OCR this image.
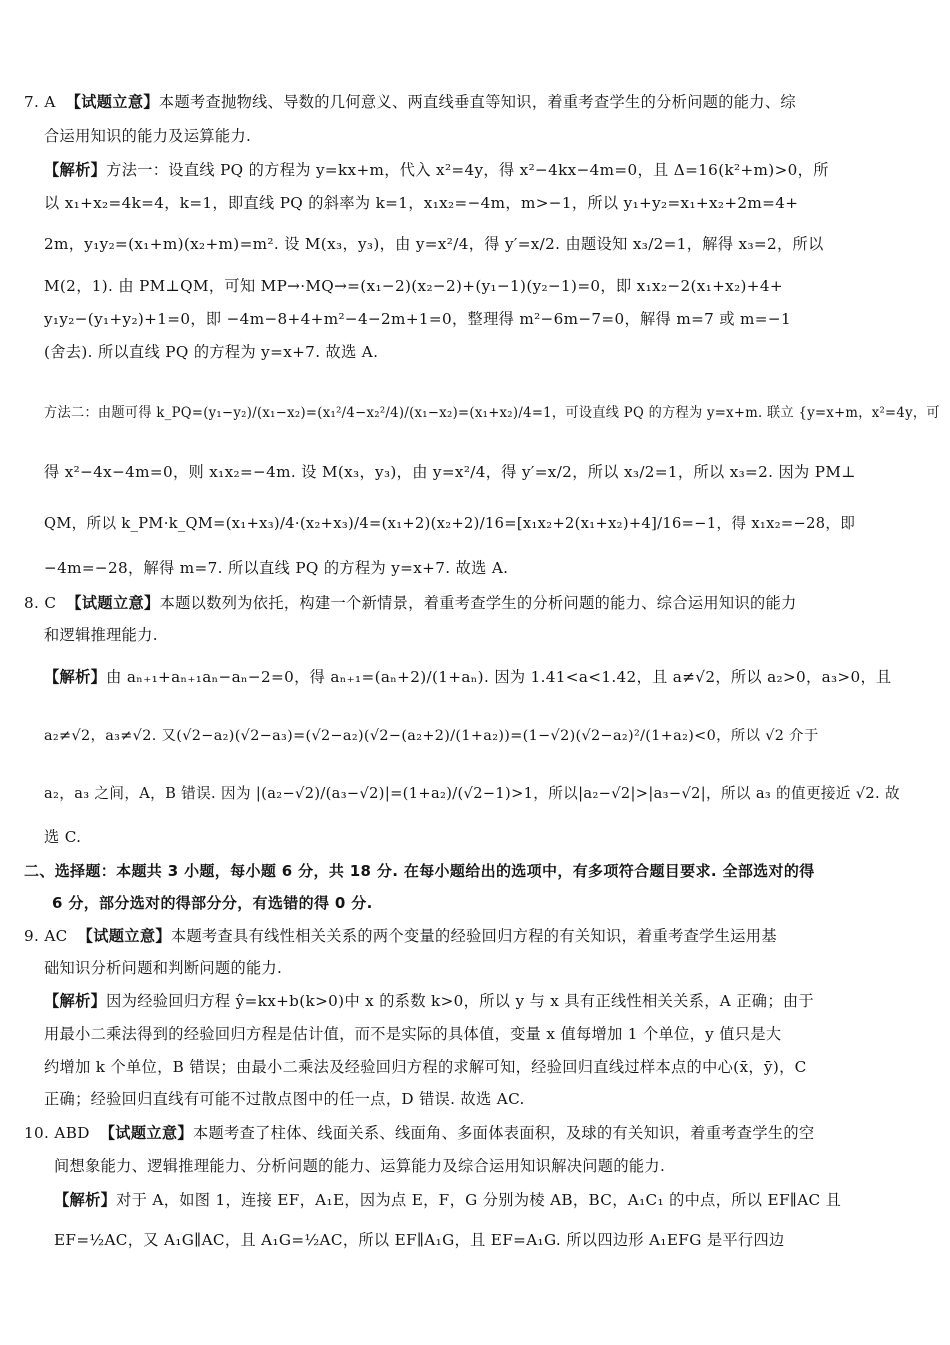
7. A 【试题立意】本题考查抛物线、导数的几何意义、两直线垂直等知识，着重考查学生的分析问题的能力、综
合运用知识的能力及运算能力.
【解析】方法一：设直线 PQ 的方程为 y=kx+m，代入 x²=4y，得 x²−4kx−4m=0，且 Δ=16(k²+m)>0，所
以 x₁+x₂=4k=4，k=1，即直线 PQ 的斜率为 k=1，x₁x₂=−4m，m>−1，所以 y₁+y₂=x₁+x₂+2m=4+
2m，y₁y₂=(x₁+m)(x₂+m)=m². 设 M(x₃，y₃)，由 y=x²/4，得 y′=x/2. 由题设知 x₃/2=1，解得 x₃=2，所以
M(2，1). 由 PM⊥QM，可知 MP→·MQ→=(x₁−2)(x₂−2)+(y₁−1)(y₂−1)=0，即 x₁x₂−2(x₁+x₂)+4+
y₁y₂−(y₁+y₂)+1=0，即 −4m−8+4+m²−4−2m+1=0，整理得 m²−6m−7=0，解得 m=7 或 m=−1
(舍去). 所以直线 PQ 的方程为 y=x+7. 故选 A.
方法二：由题可得 k_PQ=(y₁−y₂)/(x₁−x₂)=(x₁²/4−x₂²/4)/(x₁−x₂)=(x₁+x₂)/4=1，可设直线 PQ 的方程为 y=x+m. 联立 {y=x+m，x²=4y，可
得 x²−4x−4m=0，则 x₁x₂=−4m. 设 M(x₃，y₃)，由 y=x²/4，得 y′=x/2，所以 x₃/2=1，所以 x₃=2. 因为 PM⊥
QM，所以 k_PM·k_QM=(x₁+x₃)/4·(x₂+x₃)/4=(x₁+2)(x₂+2)/16=[x₁x₂+2(x₁+x₂)+4]/16=−1，得 x₁x₂=−28，即
−4m=−28，解得 m=7. 所以直线 PQ 的方程为 y=x+7. 故选 A.
8. C 【试题立意】本题以数列为依托，构建一个新情景，着重考查学生的分析问题的能力、综合运用知识的能力
和逻辑推理能力.
【解析】由 aₙ₊₁+aₙ₊₁aₙ−aₙ−2=0，得 aₙ₊₁=(aₙ+2)/(1+aₙ). 因为 1.41<a<1.42，且 a≠√2，所以 a₂>0，a₃>0，且
a₂≠√2，a₃≠√2. 又(√2−a₂)(√2−a₃)=(√2−a₂)(√2−(a₂+2)/(1+a₂))=(1−√2)(√2−a₂)²/(1+a₂)<0，所以 √2 介于
a₂，a₃ 之间，A，B 错误. 因为 |(a₂−√2)/(a₃−√2)|=(1+a₂)/(√2−1)>1，所以|a₂−√2|>|a₃−√2|，所以 a₃ 的值更接近 √2. 故
选 C.
二、选择题：本题共 3 小题，每小题 6 分，共 18 分. 在每小题给出的选项中，有多项符合题目要求. 全部选对的得
6 分，部分选对的得部分分，有选错的得 0 分.
9. AC 【试题立意】本题考查具有线性相关关系的两个变量的经验回归方程的有关知识，着重考查学生运用基
础知识分析问题和判断问题的能力.
【解析】因为经验回归方程 ŷ=kx+b(k>0)中 x 的系数 k>0，所以 y 与 x 具有正线性相关关系，A 正确；由于
用最小二乘法得到的经验回归方程是估计值，而不是实际的具体值，变量 x 值每增加 1 个单位，y 值只是大
约增加 k 个单位，B 错误；由最小二乘法及经验回归方程的求解可知，经验回归直线过样本点的中心(x̄，ȳ)，C
正确；经验回归直线有可能不过散点图中的任一点，D 错误. 故选 AC.
10. ABD 【试题立意】本题考查了柱体、线面关系、线面角、多面体表面积，及球的有关知识，着重考查学生的空
间想象能力、逻辑推理能力、分析问题的能力、运算能力及综合运用知识解决问题的能力.
【解析】对于 A，如图 1，连接 EF，A₁E，因为点 E，F，G 分别为棱 AB，BC，A₁C₁ 的中点，所以 EF∥AC 且
EF=½AC，又 A₁G∥AC，且 A₁G=½AC，所以 EF∥A₁G，且 EF=A₁G. 所以四边形 A₁EFG 是平行四边
